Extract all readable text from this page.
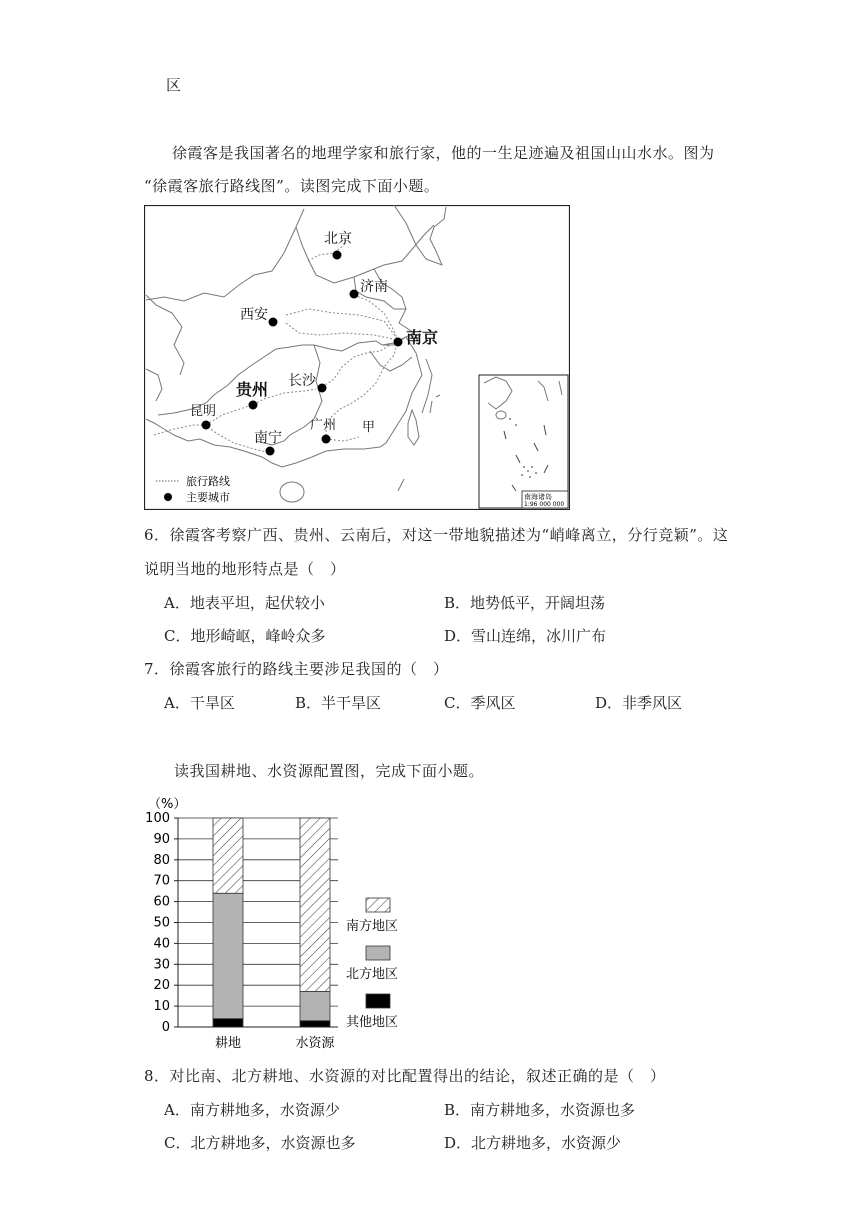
区
徐霞客是我国著名的地理学家和旅行家，他的一生足迹遍及祖国山山水水。图为
“徐霞客旅行路线图”。读图完成下面小题。
北京
济南
西安
南京
长沙
贵州
昆明
广州
南宁
甲
旅行路线
主要城市	南海诸岛
1:96 000 000
6．徐霞客考察广西、贵州、云南后，对这一带地貌描述为“峭峰离立，分行竞颖”。这
说明当地的地形特点是（　）
A．地表平坦，起伏较小	B．地势低平，开阔坦荡
C．地形崎岖，峰岭众多	D．雪山连绵，冰川广布
7．徐霞客旅行的路线主要涉足我国的（　）
A．干旱区	B．半干旱区	C．季风区	D．非季风区
读我国耕地、水资源配置图，完成下面小题。
（%）
0
10
20
30
40
50
60
70
80
90
100
耕地	水资源
南方地区
北方地区
其他地区
8．对比南、北方耕地、水资源的对比配置得出的结论，叙述正确的是（　）
A．南方耕地多，水资源少	B．南方耕地多，水资源也多
C．北方耕地多，水资源也多	D．北方耕地多，水资源少
